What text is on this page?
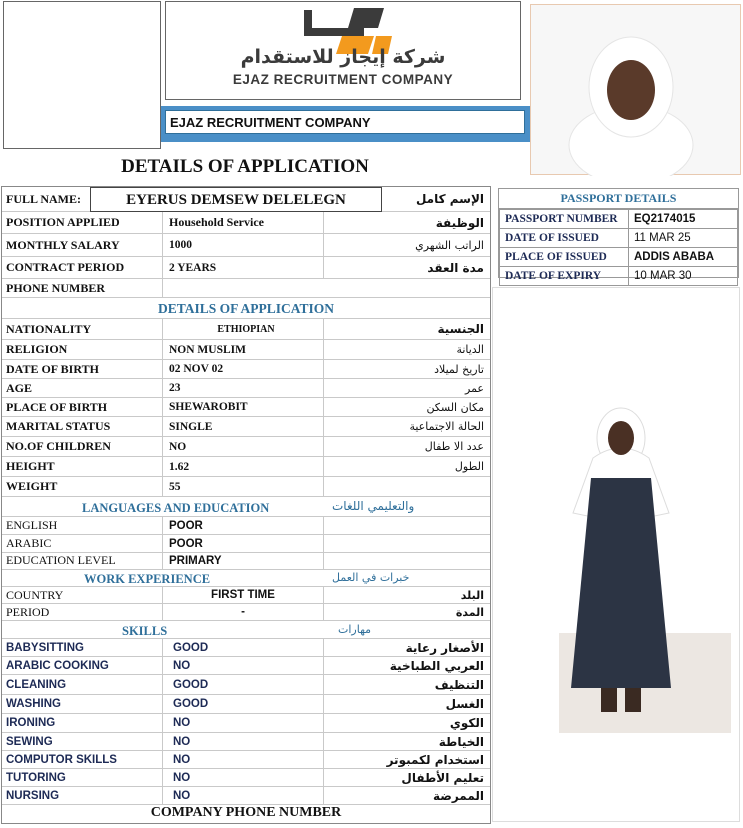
شركة إيجاز للاستقدام
EJAZ RECRUITMENT COMPANY
EJAZ RECRUITMENT COMPANY
DETAILS OF APPLICATION
FULL NAME:	EYERUS DEMSEW DELELEGN	الإسم كامل
POSITION APPLIED	Household Service	الوظيفة
MONTHLY SALARY	1000	الراتب الشهري
CONTRACT PERIOD	2 YEARS	مدة العقد
PHONE NUMBER
DETAILS OF APPLICATION
NATIONALITY	ETHIOPIAN	الجنسية
RELIGION	NON MUSLIM	الديانة
DATE OF BIRTH	02 NOV 02	تاريخ لميلاد
AGE	23	عمر
PLACE OF BIRTH	SHEWAROBIT	مكان السكن
MARITAL STATUS	SINGLE	الحالة الاجتماعية
NO.OF CHILDREN	NO	عدد الا طفال
HEIGHT	1.62	الطول
WEIGHT	55
LANGUAGES AND EDUCATION	والتعليمي اللغات
ENGLISH	POOR
ARABIC	POOR
EDUCATION LEVEL	PRIMARY
WORK EXPERIENCE	خبرات في العمل
COUNTRY	FIRST TIME	البلد
PERIOD	-	المدة
SKILLS	مهارات
BABYSITTING	GOOD	الأصغار رعاية
ARABIC COOKING	NO	العربي الطباخية
CLEANING	GOOD	التنظيف
WASHING	GOOD	الغسل
IRONING	NO	الكوي
SEWING	NO	الخياطة
COMPUTOR SKILLS	NO	استخدام لكمبوتر
TUTORING	NO	تعليم الأطفال
NURSING	NO	الممرضة
COMPANY PHONE NUMBER
PASSPORT DETAILS
PASSPORT NUMBER	EQ2174015
DATE OF ISSUED	11 MAR 25
PLACE OF ISSUED	ADDIS ABABA
DATE OF EXPIRY	10 MAR 30
